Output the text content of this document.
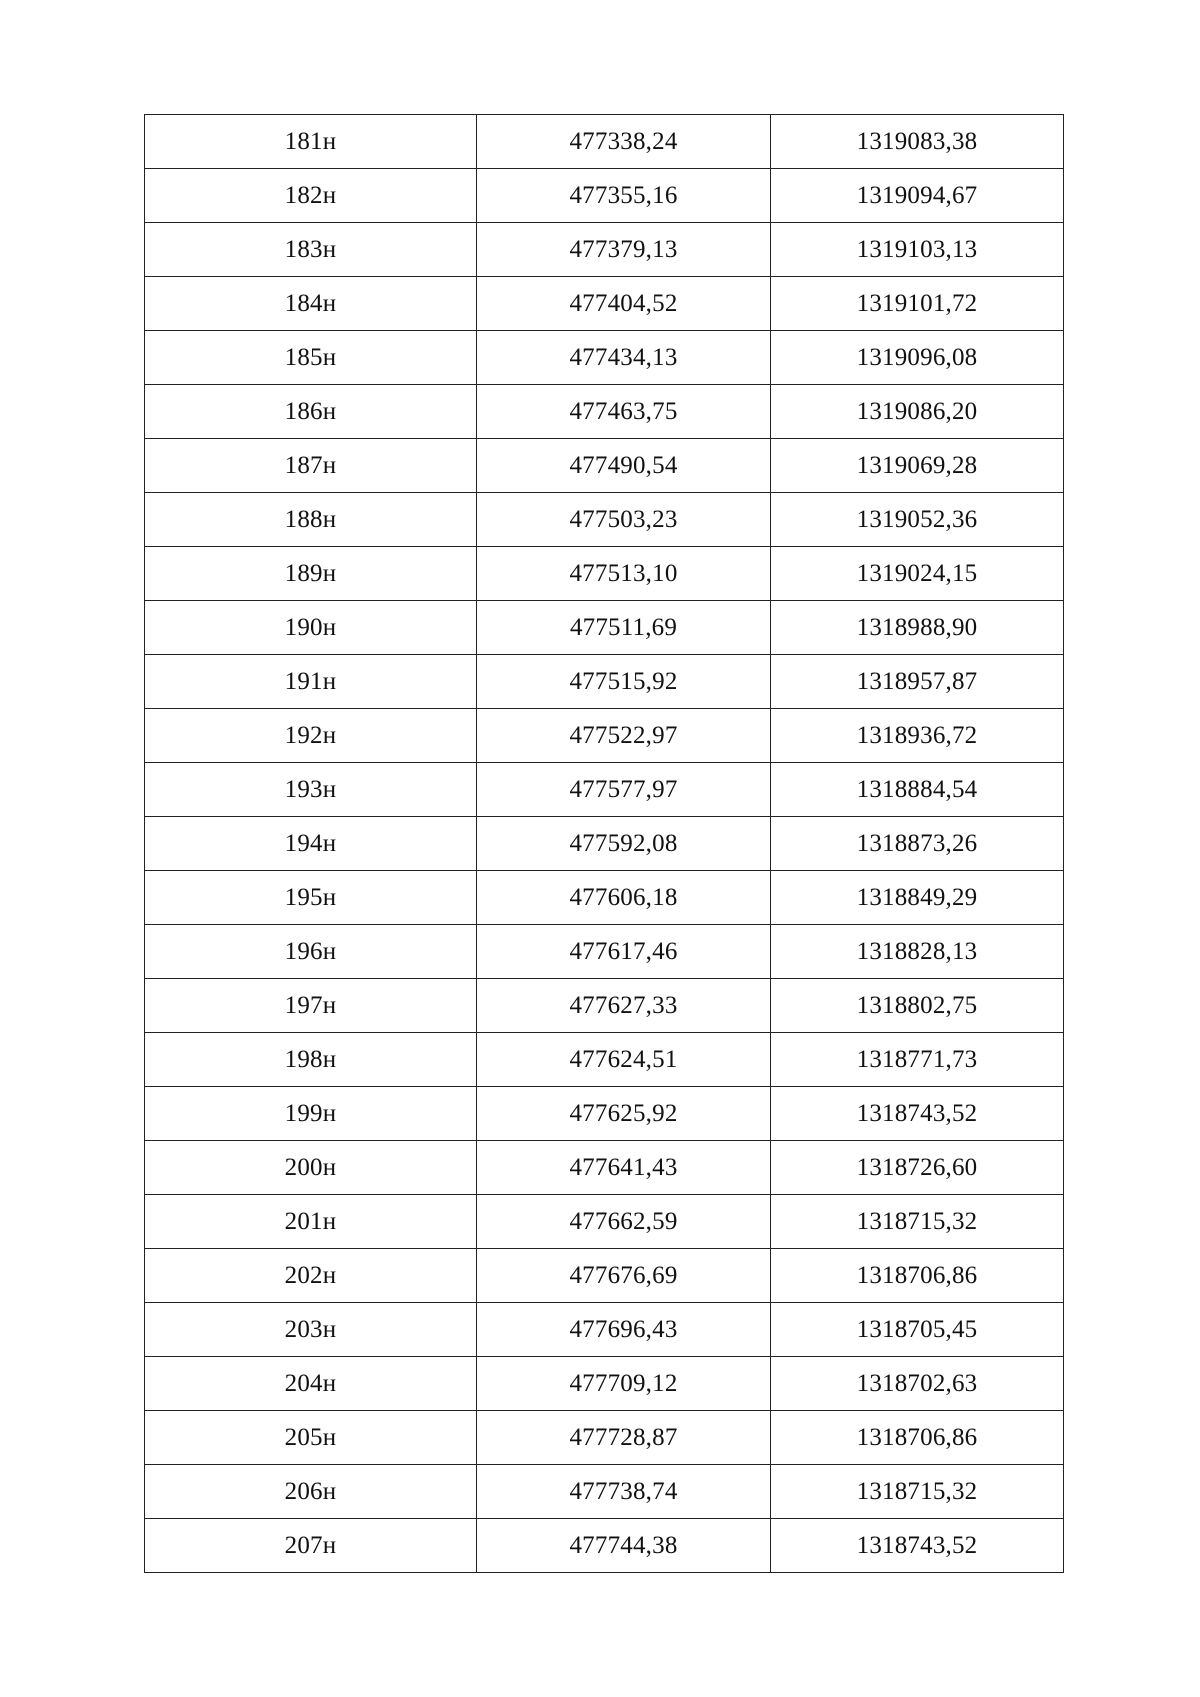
181н	477338,24	1319083,38
182н	477355,16	1319094,67
183н	477379,13	1319103,13
184н	477404,52	1319101,72
185н	477434,13	1319096,08
186н	477463,75	1319086,20
187н	477490,54	1319069,28
188н	477503,23	1319052,36
189н	477513,10	1319024,15
190н	477511,69	1318988,90
191н	477515,92	1318957,87
192н	477522,97	1318936,72
193н	477577,97	1318884,54
194н	477592,08	1318873,26
195н	477606,18	1318849,29
196н	477617,46	1318828,13
197н	477627,33	1318802,75
198н	477624,51	1318771,73
199н	477625,92	1318743,52
200н	477641,43	1318726,60
201н	477662,59	1318715,32
202н	477676,69	1318706,86
203н	477696,43	1318705,45
204н	477709,12	1318702,63
205н	477728,87	1318706,86
206н	477738,74	1318715,32
207н	477744,38	1318743,52
